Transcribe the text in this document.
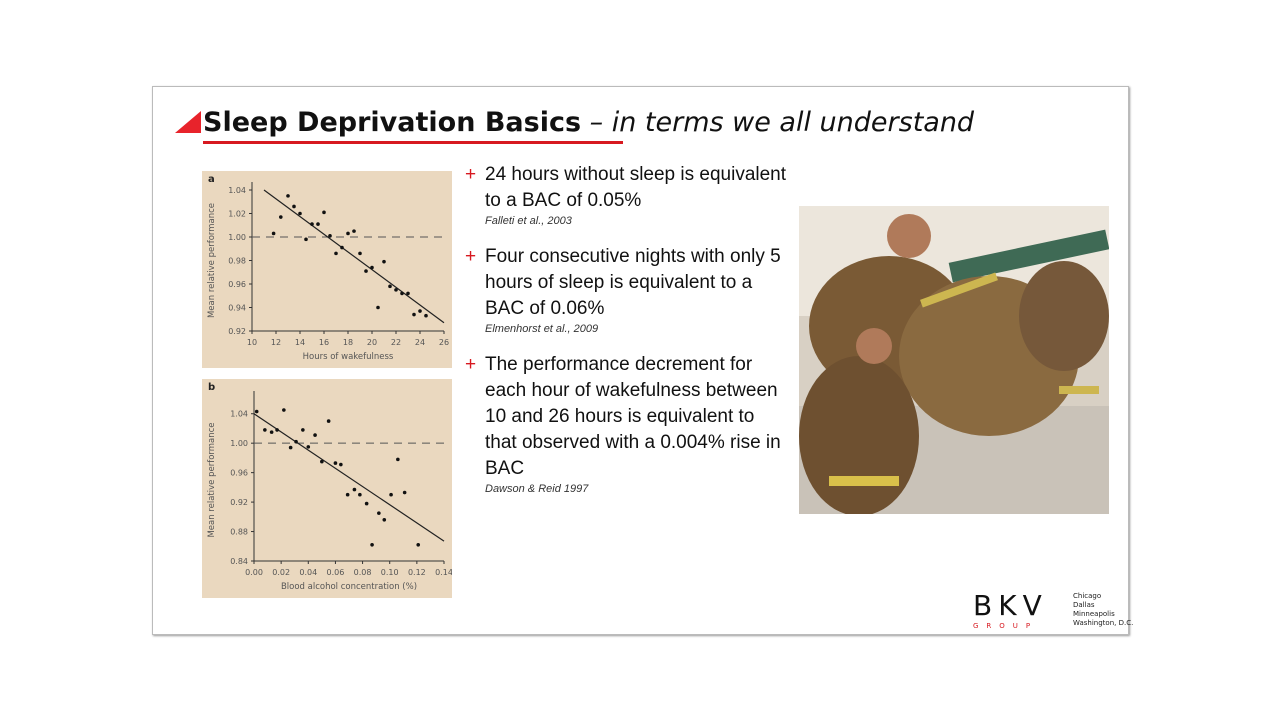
Sleep Deprivation Basics – in terms we all understand
a
10 12 14 16 18 20 22 24 26
0.92
0.94
0.96
0.98
1.00
1.02
1.04
Hours of wakefulness
Mean relative performance
b
0.00 0.02 0.04 0.06 0.08 0.10 0.12 0.14
0.84
0.88
0.92
0.96
1.00
1.04
Blood alcohol concentration (%)
Mean relative performance
+ 24 hours without sleep is equivalent to a BAC of 0.05%
Falleti et al., 2003
+ Four consecutive nights with only 5 hours of sleep is equivalent to a BAC of 0.06%
Elmenhorst et al., 2009
+ The performance decrement for each hour of wakefulness between 10 and 26 hours is equivalent to that observed with a 0.004% rise in BAC
Dawson & Reid 1997
BKV
GROUP
Chicago
Dallas
Minneapolis
Washington, D.C.
